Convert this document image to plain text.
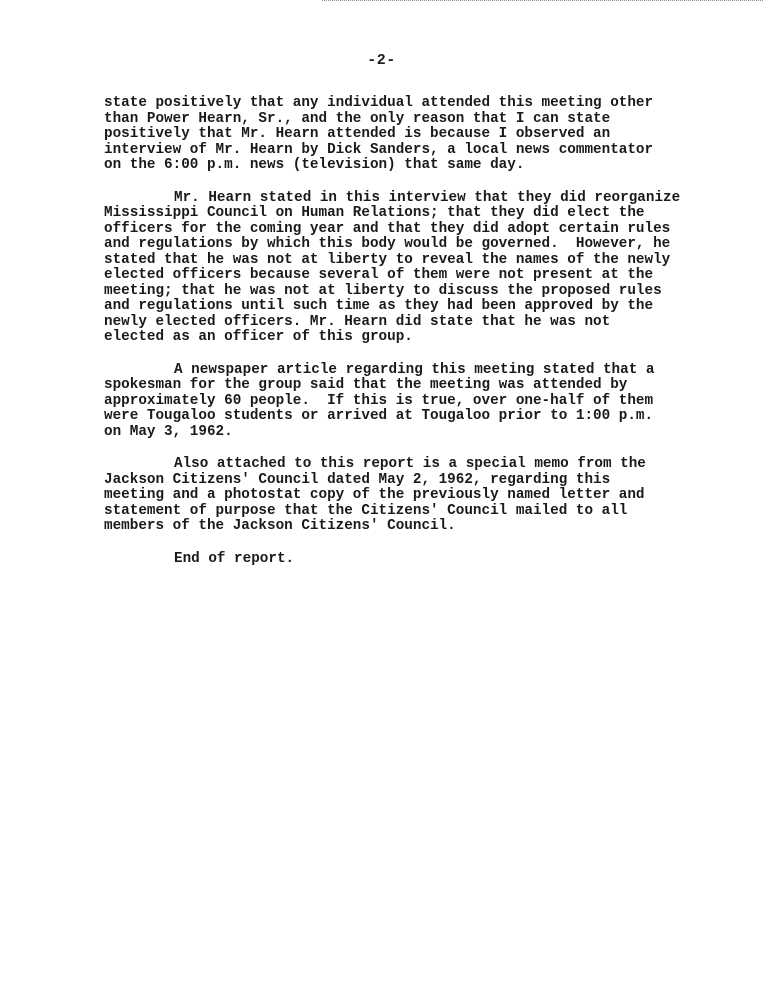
-2-
state positively that any individual attended this meeting other
than Power Hearn, Sr., and the only reason that I can state
positively that Mr. Hearn attended is because I observed an
interview of Mr. Hearn by Dick Sanders, a local news commentator
on the 6:00 p.m. news (television) that same day.
Mr. Hearn stated in this interview that they did reorganize
Mississippi Council on Human Relations; that they did elect the
officers for the coming year and that they did adopt certain rules
and regulations by which this body would be governed.  However, he
stated that he was not at liberty to reveal the names of the newly
elected officers because several of them were not present at the
meeting; that he was not at liberty to discuss the proposed rules
and regulations until such time as they had been approved by the
newly elected officers. Mr. Hearn did state that he was not
elected as an officer of this group.
A newspaper article regarding this meeting stated that a
spokesman for the group said that the meeting was attended by
approximately 60 people.  If this is true, over one-half of them
were Tougaloo students or arrived at Tougaloo prior to 1:00 p.m.
on May 3, 1962.
Also attached to this report is a special memo from the
Jackson Citizens' Council dated May 2, 1962, regarding this
meeting and a photostat copy of the previously named letter and
statement of purpose that the Citizens' Council mailed to all
members of the Jackson Citizens' Council.
End of report.
